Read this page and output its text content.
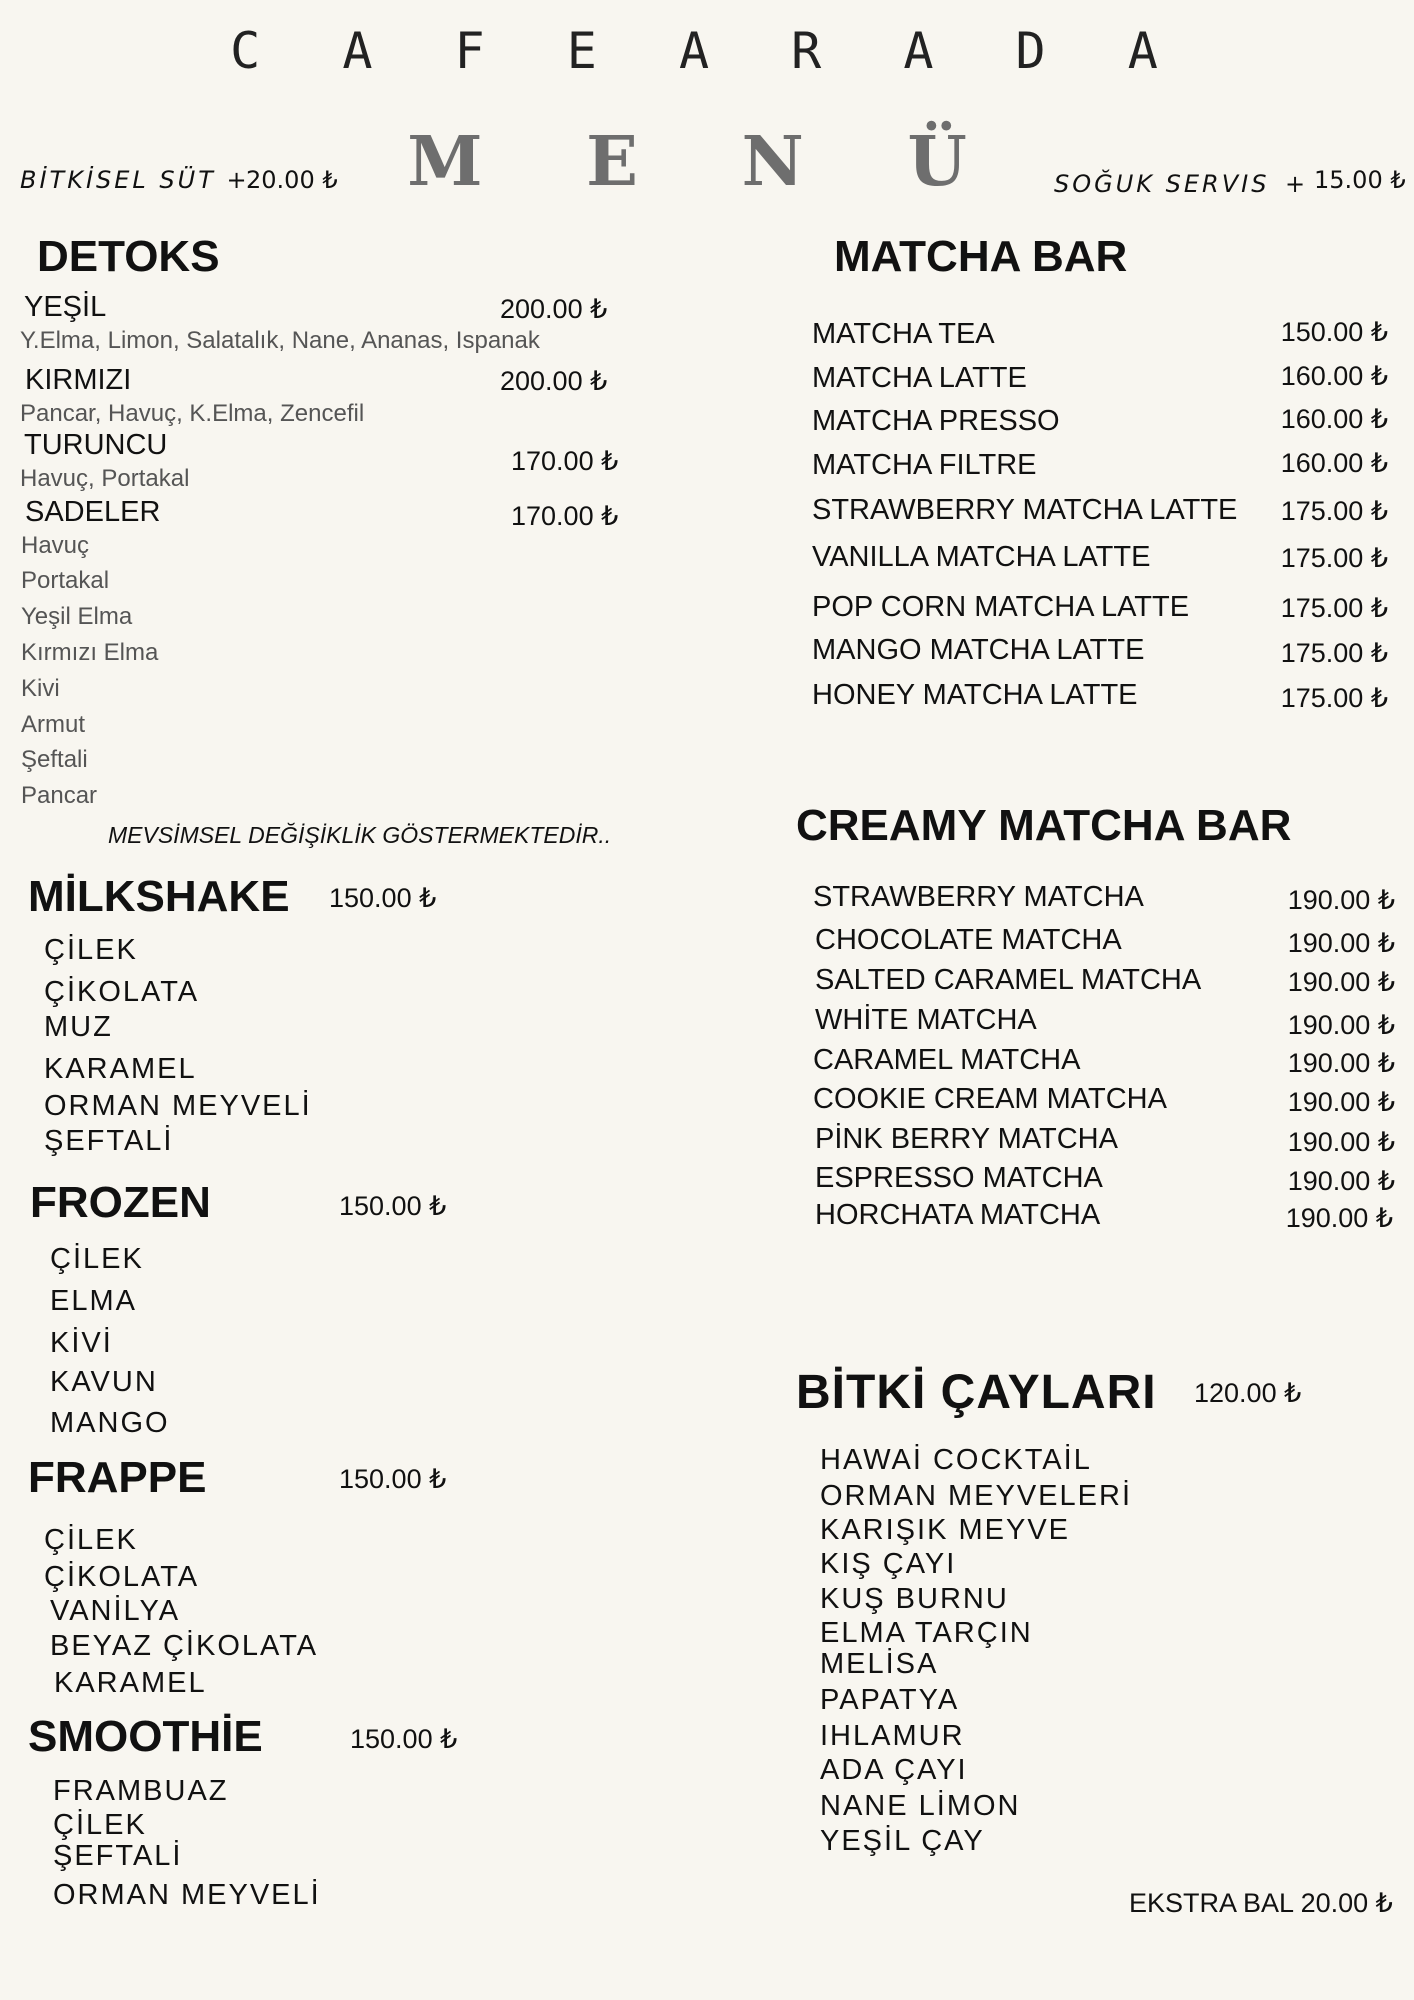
C A F E A R A D A
M E N Ü
BİTKİSEL SÜT +
20.00 ₺	SOĞUK SERVIS + 15.00 ₺
DETOKS
YEŞİL	200.00 ₺
Y.Elma, Limon, Salatalık, Nane, Ananas, Ispanak
KIRMIZI	200.00 ₺
Pancar, Havuç, K.Elma, Zencefil
TURUNCU	170.00 ₺
Havuç, Portakal
SADELER	170.00 ₺
Havuç
Portakal
Yeşil Elma
Kırmızı Elma
Kivi
Armut
Şeftali
Pancar
MEVSİMSEL DEĞİŞİKLİK GÖSTERMEKTEDİR..
MİLKSHAKE 150.00 ₺
ÇİLEK
ÇİKOLATA
MUZ
KARAMEL
ORMAN MEYVELİ
ŞEFTALİ
FROZEN	150.00 ₺
ÇİLEK
ELMA
KİVİ
KAVUN
MANGO
FRAPPE	150.00 ₺
ÇİLEK
ÇİKOLATA
VANİLYA
BEYAZ ÇİKOLATA
KARAMEL
SMOOTHİE	150.00 ₺
FRAMBUAZ
ÇİLEK
ŞEFTALİ
ORMAN MEYVELİ
MATCHA BAR
MATCHA TEA	150.00 ₺
MATCHA LATTE	160.00 ₺
MATCHA PRESSO	160.00 ₺
MATCHA FILTRE	160.00 ₺
STRAWBERRY MATCHA LATTE	175.00 ₺
VANILLA MATCHA LATTE	175.00 ₺
POP CORN MATCHA LATTE	175.00 ₺
MANGO MATCHA LATTE	175.00 ₺
HONEY MATCHA LATTE	175.00 ₺
CREAMY MATCHA BAR
STRAWBERRY MATCHA	190.00 ₺
CHOCOLATE MATCHA	190.00 ₺
SALTED CARAMEL MATCHA	190.00 ₺
WHİTE MATCHA	190.00 ₺
CARAMEL MATCHA	190.00 ₺
COOKIE CREAM MATCHA	190.00 ₺
PİNK BERRY MATCHA	190.00 ₺
ESPRESSO MATCHA	190.00 ₺
HORCHATA MATCHA	190.00 ₺
BİTKİ ÇAYLARI 120.00 ₺
HAWAİ COCKTAİL
ORMAN MEYVELERİ
KARIŞIK MEYVE
KIŞ ÇAYI
KUŞ BURNU
ELMA TARÇIN
MELİSA
PAPATYA
IHLAMUR
ADA ÇAYI
NANE LİMON
YEŞİL ÇAY
EKSTRA BAL 20.00 ₺
